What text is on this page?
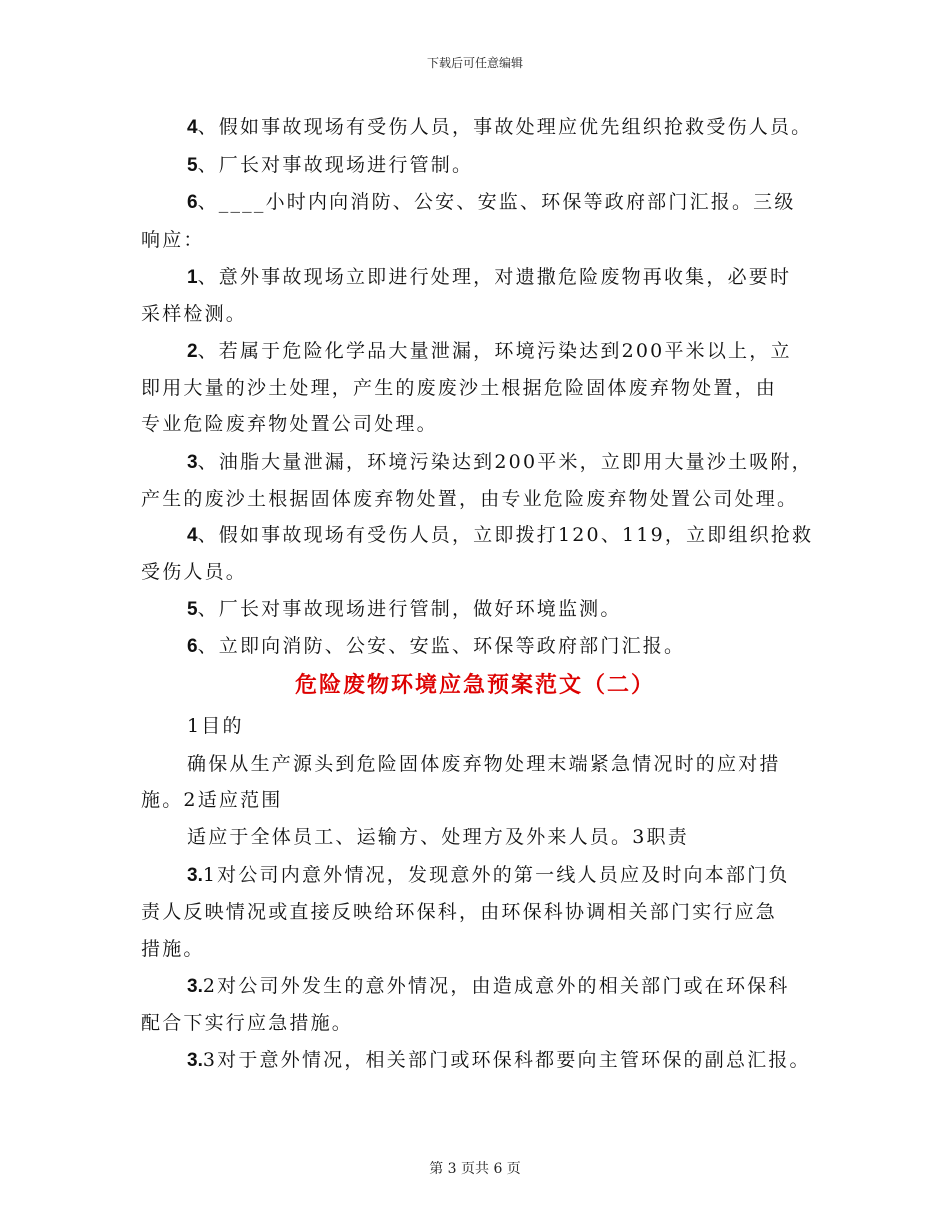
下载后可任意编辑
4、假如事故现场有受伤人员，事故处理应优先组织抢救受伤人员。
5、厂长对事故现场进行管制。
6、____小时内向消防、公安、安监、环保等政府部门汇报。三级
响应：
1、意外事故现场立即进行处理，对遗撒危险废物再收集，必要时
采样检测。
2、若属于危险化学品大量泄漏，环境污染达到200平米以上，立
即用大量的沙土处理，产生的废废沙土根据危险固体废弃物处置，由
专业危险废弃物处置公司处理。
3、油脂大量泄漏，环境污染达到200平米，立即用大量沙土吸附，
产生的废沙土根据固体废弃物处置，由专业危险废弃物处置公司处理。
4、假如事故现场有受伤人员，立即拨打120、119，立即组织抢救
受伤人员。
5、厂长对事故现场进行管制，做好环境监测。
6、立即向消防、公安、安监、环保等政府部门汇报。
危险废物环境应急预案范文（二）
1目的
确保从生产源头到危险固体废弃物处理末端紧急情况时的应对措
施。2适应范围
适应于全体员工、运输方、处理方及外来人员。3职责
3.1对公司内意外情况，发现意外的第一线人员应及时向本部门负
责人反映情况或直接反映给环保科，由环保科协调相关部门实行应急
措施。
3.2对公司外发生的意外情况，由造成意外的相关部门或在环保科
配合下实行应急措施。
3.3对于意外情况，相关部门或环保科都要向主管环保的副总汇报。
第 3 页共 6 页
